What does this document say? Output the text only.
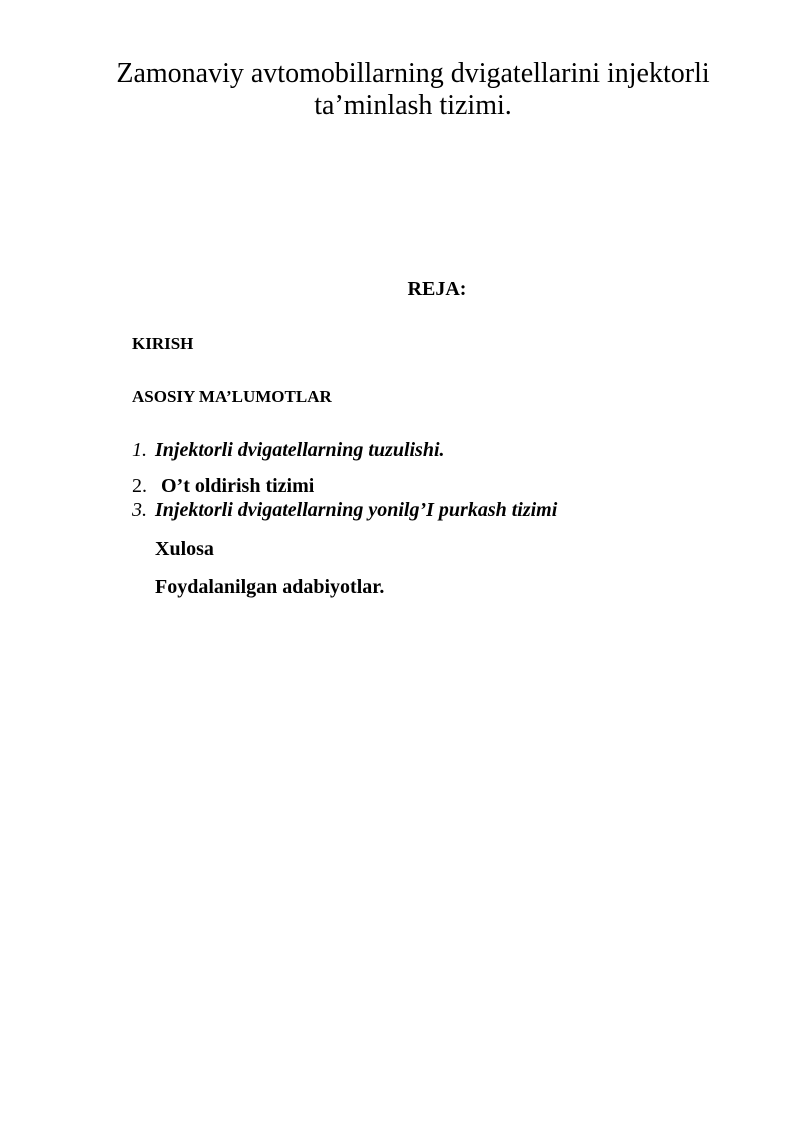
Zamonaviy avtomobillarning dvigatellarini injektorli
ta’minlash tizimi.
REJA:

KIRISH

ASOSIY MA’LUMOTLAR

1. Injektorli dvigatellarning tuzulishi.
2. O’t oldirish tizimi
3. Injektorli dvigatellarning yonilg’I purkash tizimi

Xulosa

Foydalanilgan adabiyotlar.
